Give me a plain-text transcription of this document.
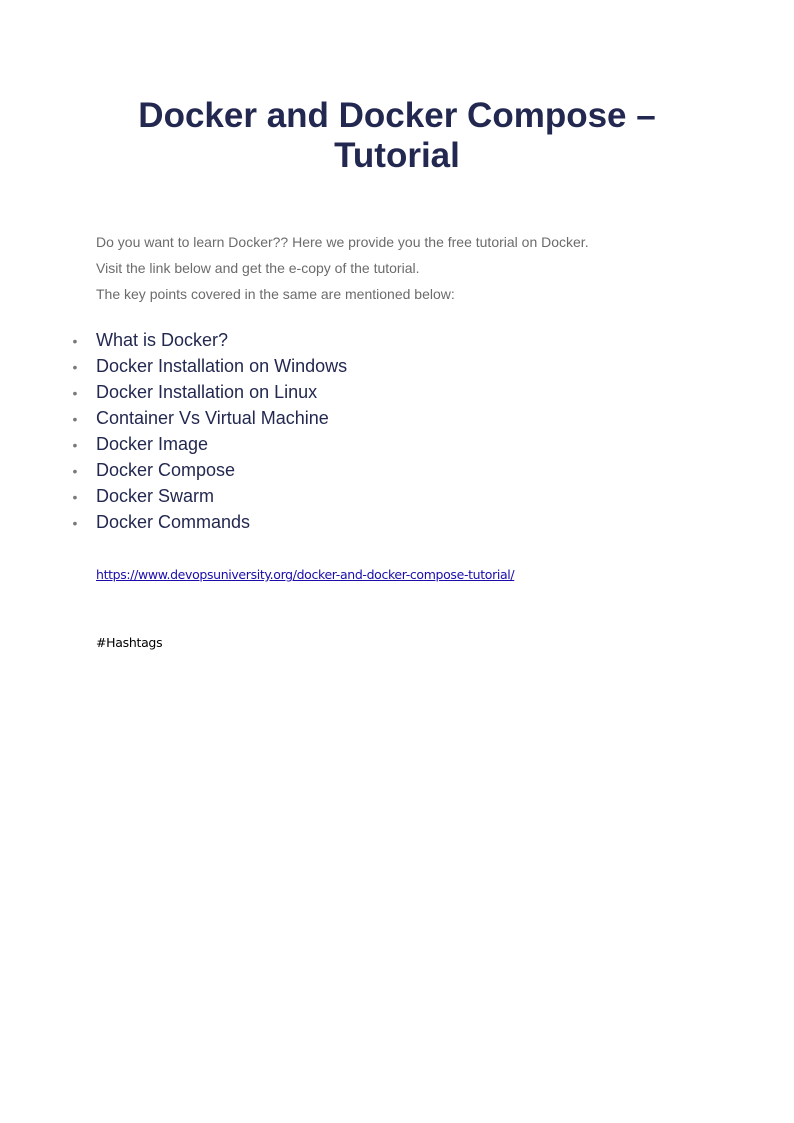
Docker and Docker Compose – Tutorial

Do you want to learn Docker?? Here we provide you the free tutorial on Docker.

Visit the link below and get the e-copy of the tutorial.

The key points covered in the same are mentioned below:

• What is Docker?
• Docker Installation on Windows
• Docker Installation on Linux
• Container Vs Virtual Machine
• Docker Image
• Docker Compose
• Docker Swarm
• Docker Commands
https://www.devopsuniversity.org/docker-and-docker-compose-tutorial/

#Hashtags
